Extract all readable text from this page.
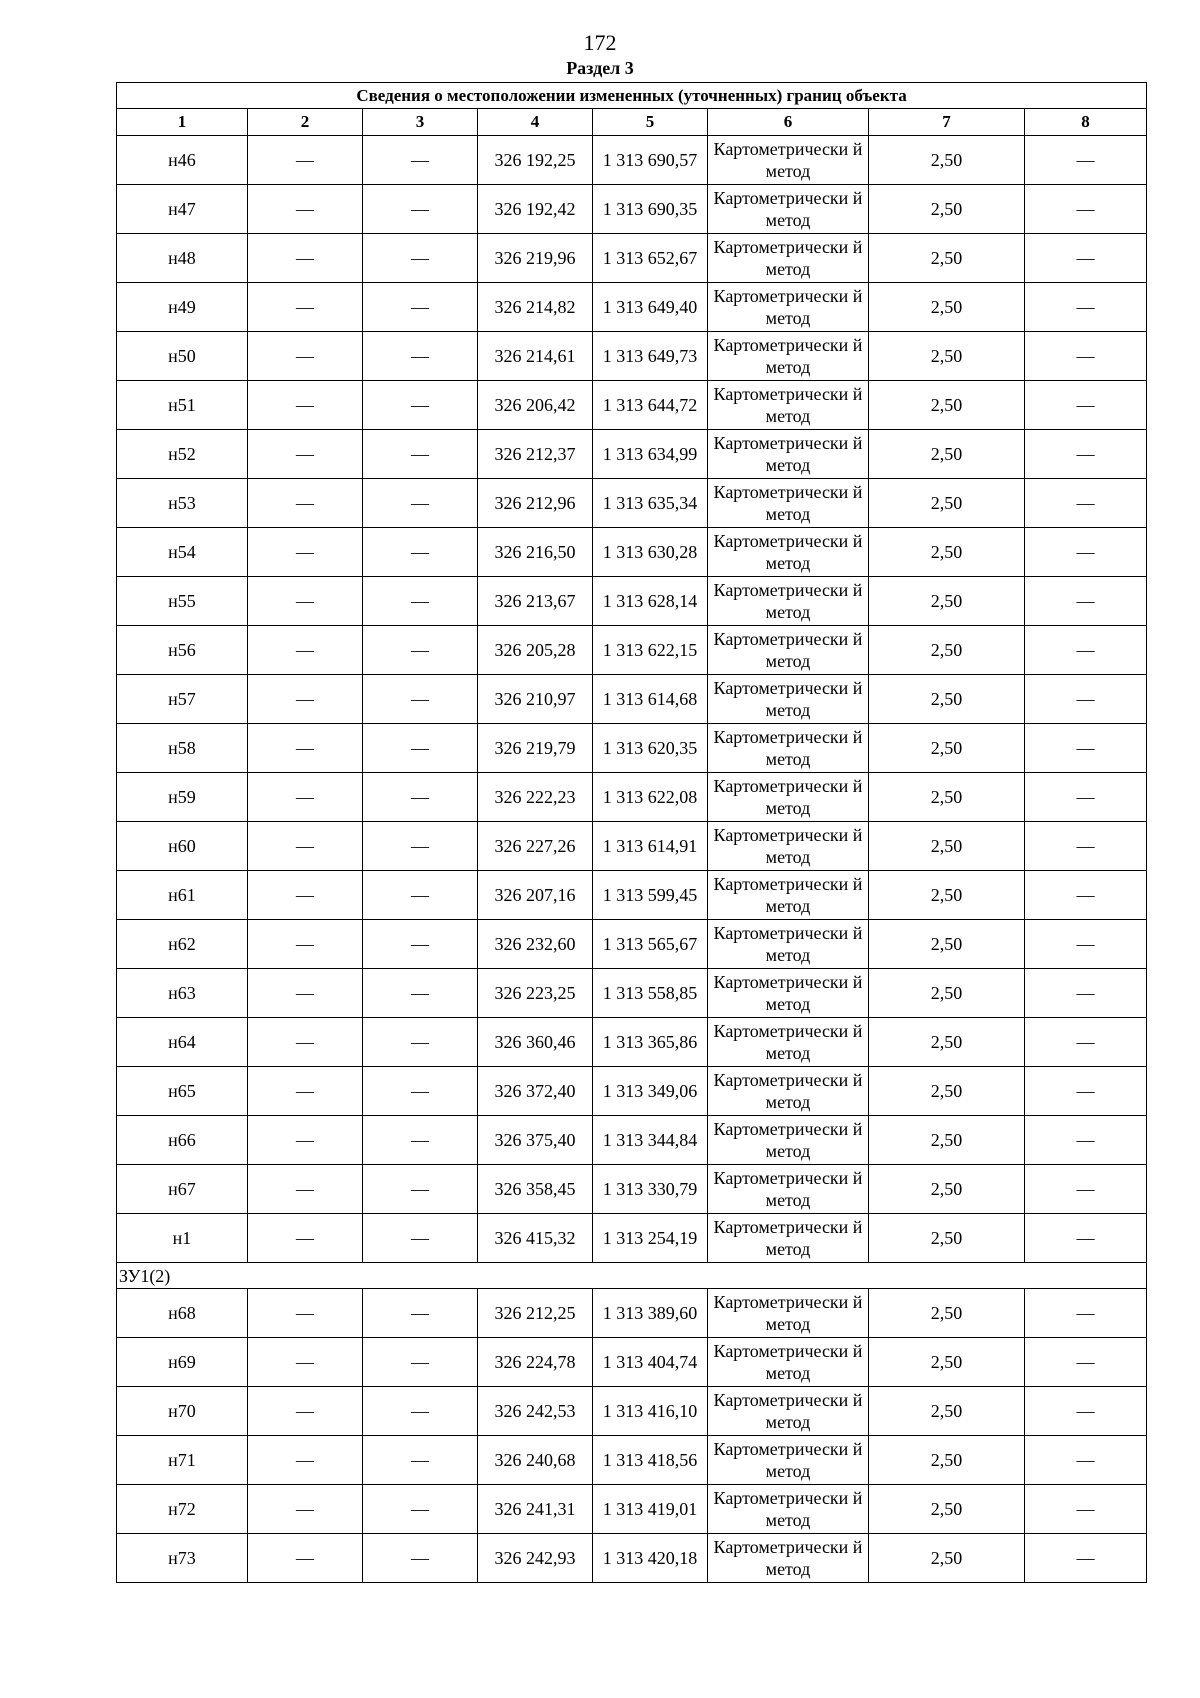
172
Раздел 3
Сведения о местоположении измененных (уточненных) границ объекта							
1	2	3	4	5	6	7	8
н46	—	—	326 192,25	1 313 690,57	Картометрически й метод	2,50	—
н47	—	—	326 192,42	1 313 690,35	Картометрически й метод	2,50	—
н48	—	—	326 219,96	1 313 652,67	Картометрически й метод	2,50	—
н49	—	—	326 214,82	1 313 649,40	Картометрически й метод	2,50	—
н50	—	—	326 214,61	1 313 649,73	Картометрически й метод	2,50	—
н51	—	—	326 206,42	1 313 644,72	Картометрически й метод	2,50	—
н52	—	—	326 212,37	1 313 634,99	Картометрически й метод	2,50	—
н53	—	—	326 212,96	1 313 635,34	Картометрически й метод	2,50	—
н54	—	—	326 216,50	1 313 630,28	Картометрически й метод	2,50	—
н55	—	—	326 213,67	1 313 628,14	Картометрически й метод	2,50	—
н56	—	—	326 205,28	1 313 622,15	Картометрически й метод	2,50	—
н57	—	—	326 210,97	1 313 614,68	Картометрически й метод	2,50	—
н58	—	—	326 219,79	1 313 620,35	Картометрически й метод	2,50	—
н59	—	—	326 222,23	1 313 622,08	Картометрически й метод	2,50	—
н60	—	—	326 227,26	1 313 614,91	Картометрически й метод	2,50	—
н61	—	—	326 207,16	1 313 599,45	Картометрически й метод	2,50	—
н62	—	—	326 232,60	1 313 565,67	Картометрически й метод	2,50	—
н63	—	—	326 223,25	1 313 558,85	Картометрически й метод	2,50	—
н64	—	—	326 360,46	1 313 365,86	Картометрически й метод	2,50	—
н65	—	—	326 372,40	1 313 349,06	Картометрически й метод	2,50	—
н66	—	—	326 375,40	1 313 344,84	Картометрически й метод	2,50	—
н67	—	—	326 358,45	1 313 330,79	Картометрически й метод	2,50	—
н1	—	—	326 415,32	1 313 254,19	Картометрически й метод	2,50	—
ЗУ1(2)							
н68	—	—	326 212,25	1 313 389,60	Картометрически й метод	2,50	—
н69	—	—	326 224,78	1 313 404,74	Картометрически й метод	2,50	—
н70	—	—	326 242,53	1 313 416,10	Картометрически й метод	2,50	—
н71	—	—	326 240,68	1 313 418,56	Картометрически й метод	2,50	—
н72	—	—	326 241,31	1 313 419,01	Картометрически й метод	2,50	—
н73	—	—	326 242,93	1 313 420,18	Картометрически й метод	2,50	—
